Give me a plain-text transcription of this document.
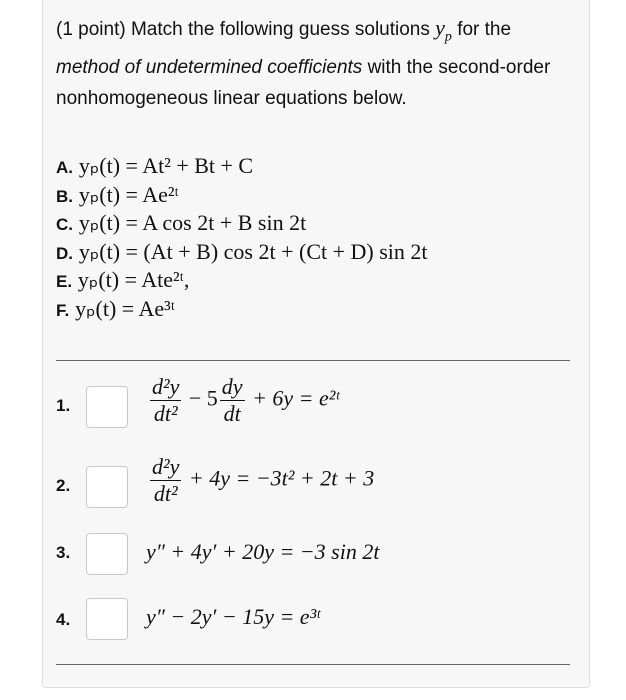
(1 point) Match the following guess solutions $y_p$ for the method of undetermined coefficients with the second-order nonhomogeneous linear equations below.
A. yₚ(t) = At² + Bt + C
B. yₚ(t) = Ae²ᵗ
C. yₚ(t) = A cos 2t + B sin 2t
D. yₚ(t) = (At + B) cos 2t + (Ct + D) sin 2t
E. yₚ(t) = Ate²ᵗ,
F. yₚ(t) = Ae³ᵗ
1.	$\frac{\text{d²y}}{\text{dt²}} - 5 \frac{dy}{dt} + 6y$ = e²ᵗ
2.	$\frac{\text{d²y}}{\text{dt²}} + 4y = -3t^2 + 2t + 3$
3.	y″ + 4y′ + 20y = −3 sin 2t
4.	y″ − 2y′ − 15y = e³ᵗ
